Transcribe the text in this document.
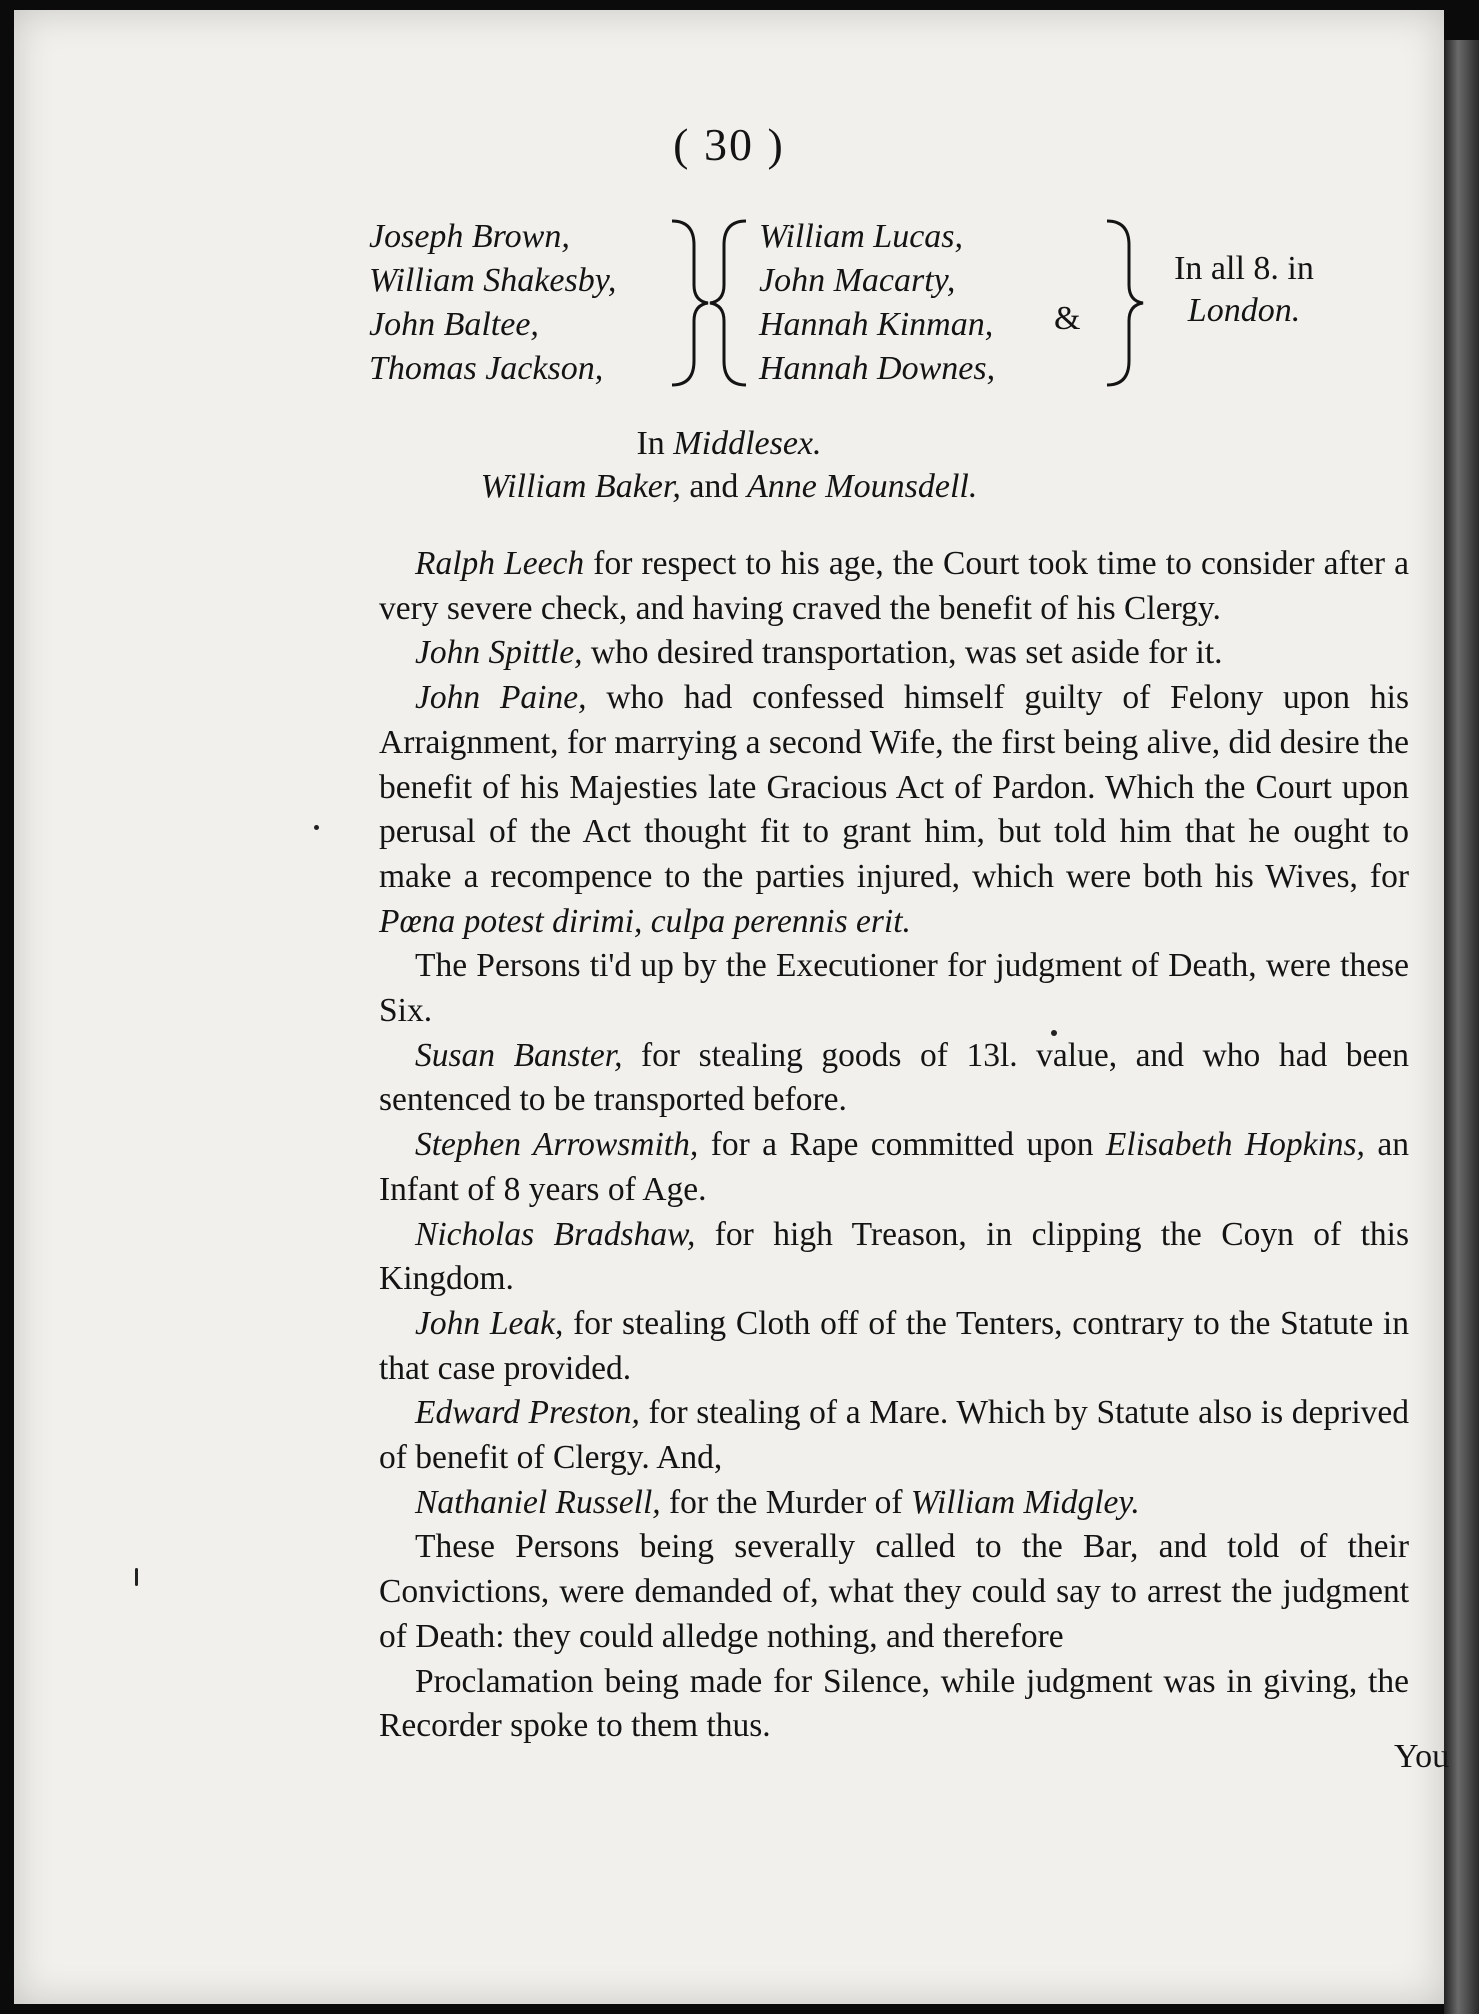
( 30 )
Joseph Brown,
William Shakesby,
John Baltee,
Thomas Jackson,
William Lucas,
John Macarty,
Hannah Kinman,
Hannah Downes,
&
In all 8. in
London.
In Middlesex.
William Baker, and Anne Mounsdell.

Ralph Leech for respect to his age, the Court took time to consider after a very severe check, and having craved the benefit of his Clergy.

John Spittle, who desired transportation, was set aside for it.

John Paine, who had confessed himself guilty of Felony upon his Arraignment, for marrying a second Wife, the first being alive, did desire the benefit of his Majesties late Gracious Act of Pardon. Which the Court upon perusal of the Act thought fit to grant him, but told him that he ought to make a recompence to the parties injured, which were both his Wives, for Pœna potest dirimi, culpa perennis erit.

The Persons ti'd up by the Executioner for judgment of Death, were these Six.

Susan Banster, for stealing goods of 13l. value, and who had been sentenced to be transported before.

Stephen Arrowsmith, for a Rape committed upon Elisabeth Hopkins, an Infant of 8 years of Age.

Nicholas Bradshaw, for high Treason, in clipping the Coyn of this Kingdom.

John Leak, for stealing Cloth off of the Tenters, contrary to the Statute in that case provided.

Edward Preston, for stealing of a Mare. Which by Statute also is deprived of benefit of Clergy. And,

Nathaniel Russell, for the Murder of William Midgley.

These Persons being severally called to the Bar, and told of their Convictions, were demanded of, what they could say to arrest the judgment of Death: they could alledge nothing, and therefore

Proclamation being made for Silence, while judgment was in giving, the Recorder spoke to them thus.

You
